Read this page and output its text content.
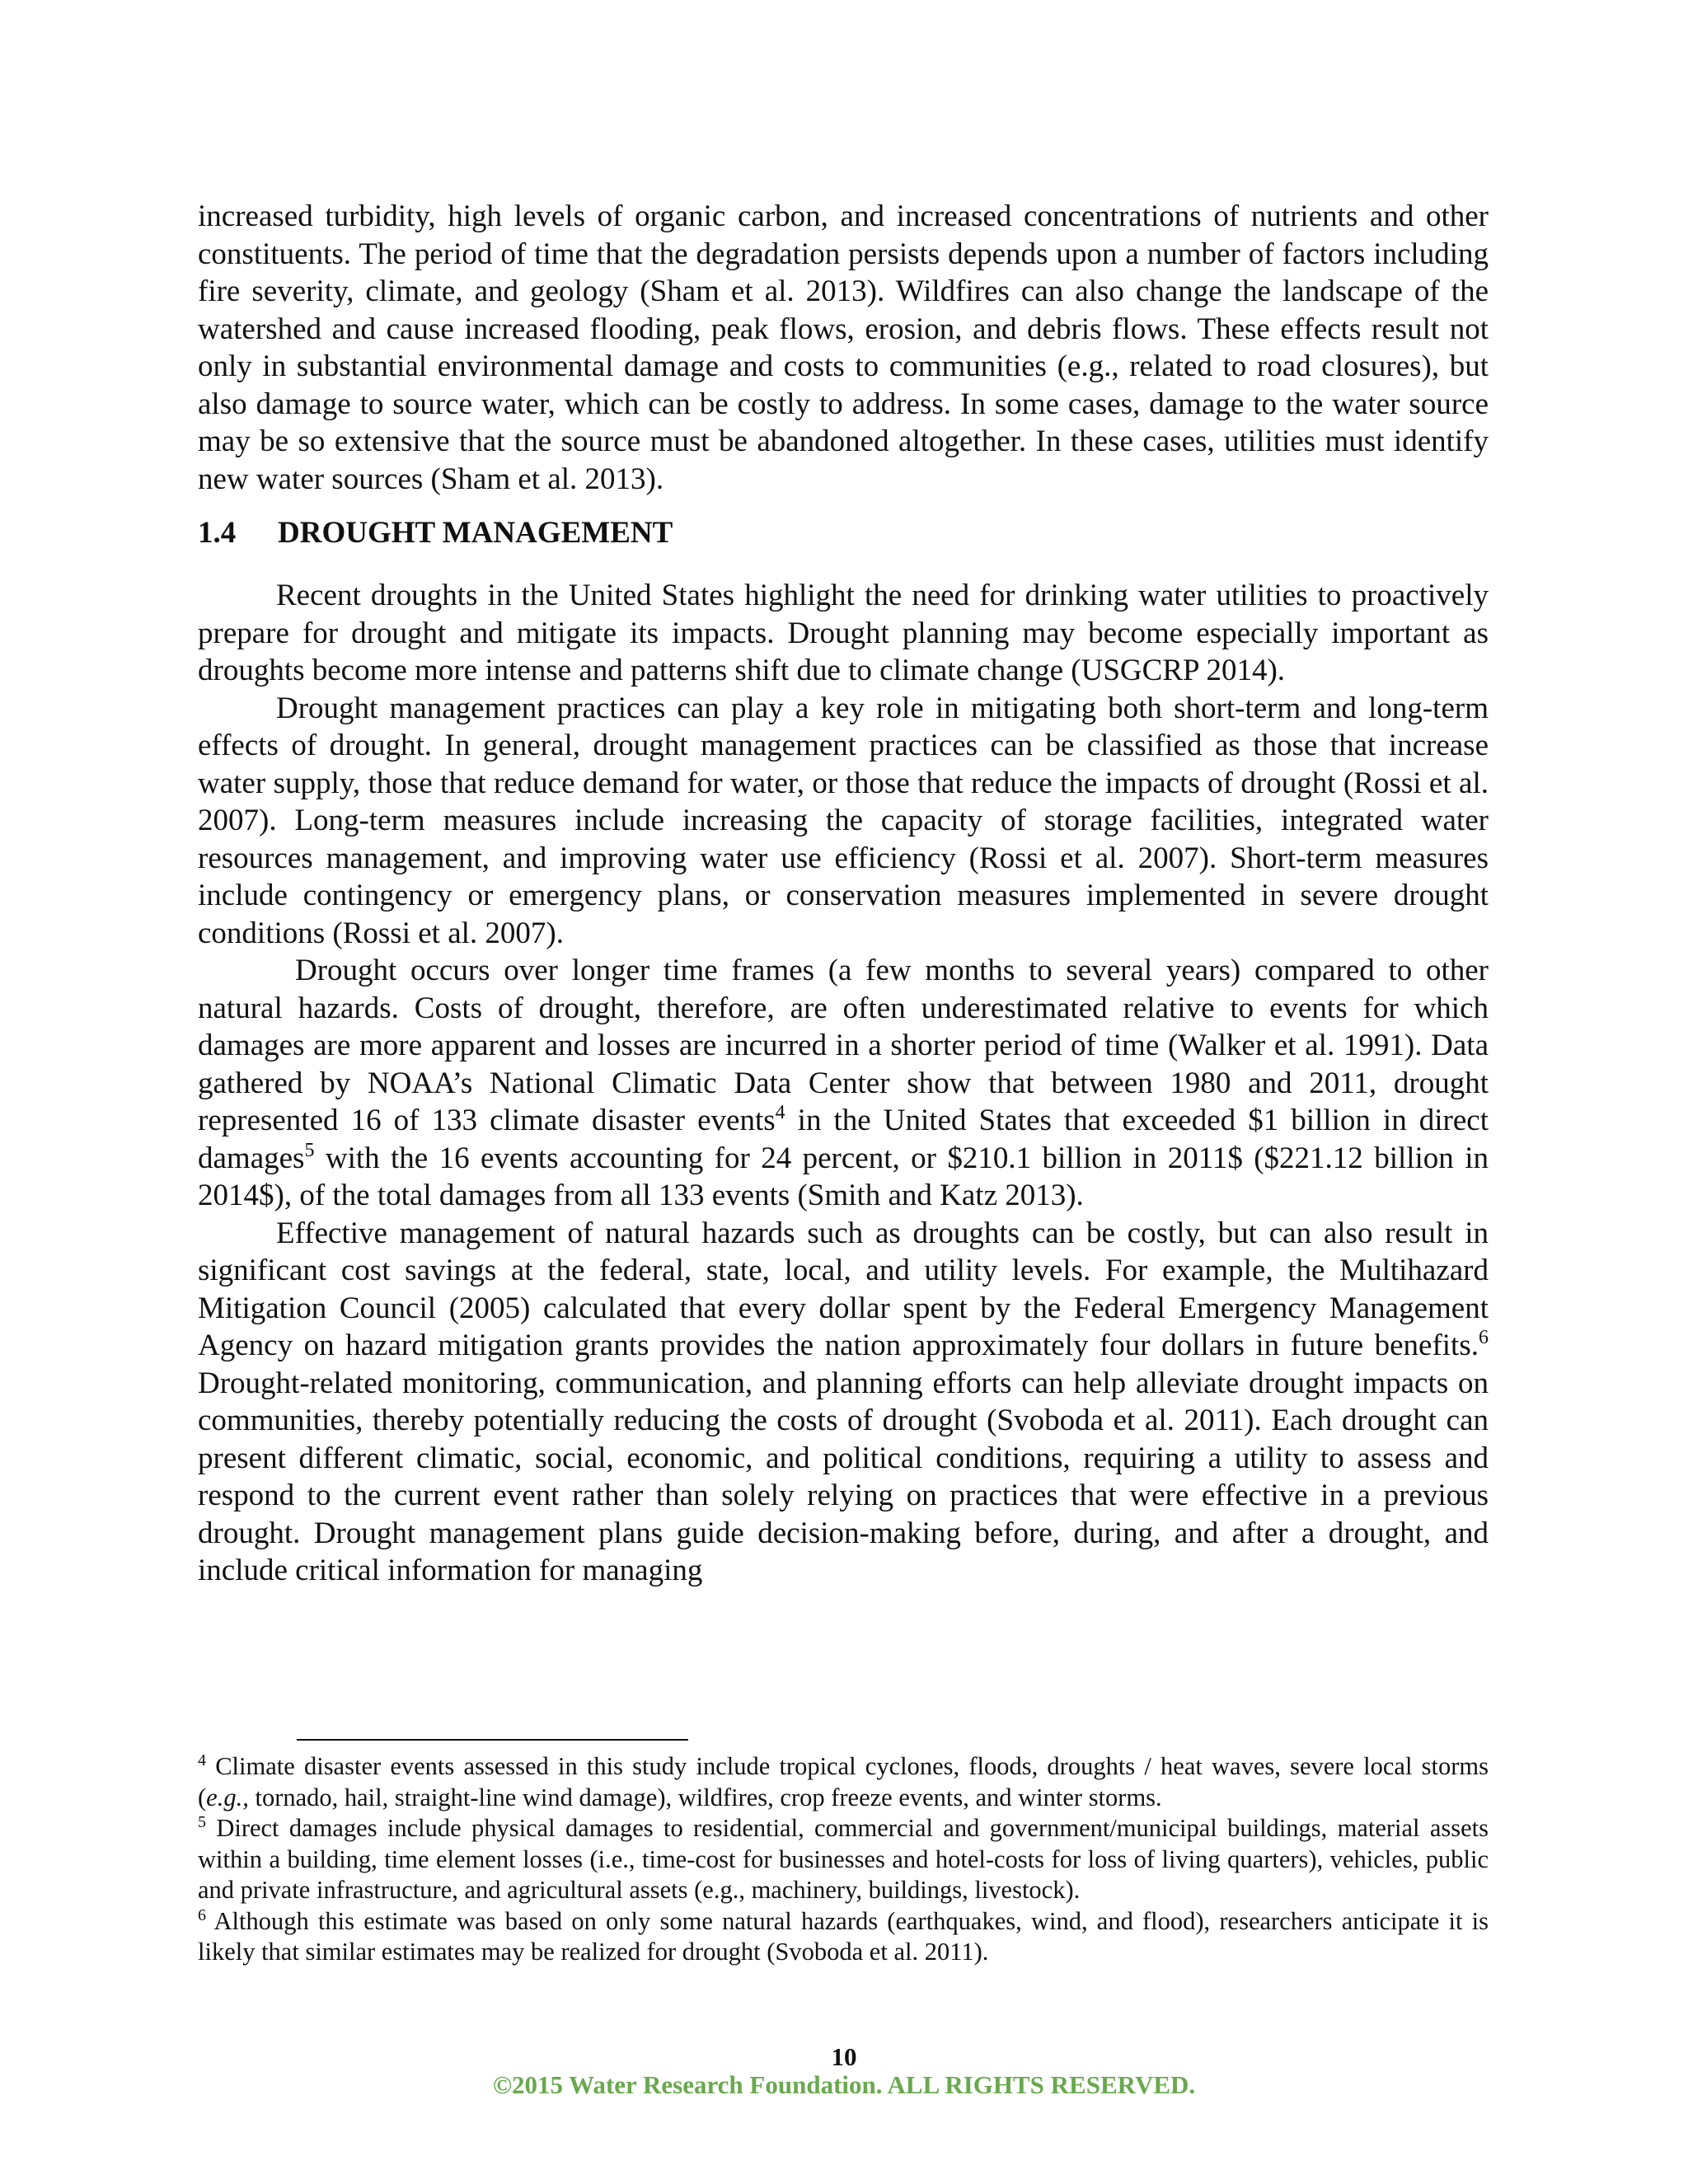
increased turbidity, high levels of organic carbon, and increased concentrations of nutrients and other constituents. The period of time that the degradation persists depends upon a number of factors including fire severity, climate, and geology (Sham et al. 2013). Wildfires can also change the landscape of the watershed and cause increased flooding, peak flows, erosion, and debris flows. These effects result not only in substantial environmental damage and costs to communities (e.g., related to road closures), but also damage to source water, which can be costly to address. In some cases, damage to the water source may be so extensive that the source must be abandoned altogether. In these cases, utilities must identify new water sources (Sham et al. 2013).

1.4 DROUGHT MANAGEMENT

Recent droughts in the United States highlight the need for drinking water utilities to proactively prepare for drought and mitigate its impacts. Drought planning may become especially important as droughts become more intense and patterns shift due to climate change (USGCRP 2014).

Drought management practices can play a key role in mitigating both short-term and long-term effects of drought. In general, drought management practices can be classified as those that increase water supply, those that reduce demand for water, or those that reduce the impacts of drought (Rossi et al. 2007). Long-term measures include increasing the capacity of storage facilities, integrated water resources management, and improving water use efficiency (Rossi et al. 2007). Short-term measures include contingency or emergency plans, or conservation measures implemented in severe drought conditions (Rossi et al. 2007).

Drought occurs over longer time frames (a few months to several years) compared to other natural hazards. Costs of drought, therefore, are often underestimated relative to events for which damages are more apparent and losses are incurred in a shorter period of time (Walker et al. 1991). Data gathered by NOAA’s National Climatic Data Center show that between 1980 and 2011, drought represented 16 of 133 climate disaster events$^4$ in the United States that exceeded $1 billion in direct damages$^5$ with the 16 events accounting for 24 percent, or $210.1 billion in 2011$ ($221.12 billion in 2014$), of the total damages from all 133 events (Smith and Katz 2013).

Effective management of natural hazards such as droughts can be costly, but can also result in significant cost savings at the federal, state, local, and utility levels. For example, the Multihazard Mitigation Council (2005) calculated that every dollar spent by the Federal Emergency Management Agency on hazard mitigation grants provides the nation approximately four dollars in future benefits.$^6$ Drought-related monitoring, communication, and planning efforts can help alleviate drought impacts on communities, thereby potentially reducing the costs of drought (Svoboda et al. 2011). Each drought can present different climatic, social, economic, and political conditions, requiring a utility to assess and respond to the current event rather than solely relying on practices that were effective in a previous drought. Drought management plans guide decision-making before, during, and after a drought, and include critical information for managing

$^4$ Climate disaster events assessed in this study include tropical cyclones, floods, droughts / heat waves, severe local storms (e.g., tornado, hail, straight-line wind damage), wildfires, crop freeze events, and winter storms.

$^5$ Direct damages include physical damages to residential, commercial and government/municipal buildings, material assets within a building, time element losses (i.e., time-cost for businesses and hotel-costs for loss of living quarters), vehicles, public and private infrastructure, and agricultural assets (e.g., machinery, buildings, livestock).

$^6$ Although this estimate was based on only some natural hazards (earthquakes, wind, and flood), researchers anticipate it is likely that similar estimates may be realized for drought (Svoboda et al. 2011).

10
©2015 Water Research Foundation. ALL RIGHTS RESERVED.
